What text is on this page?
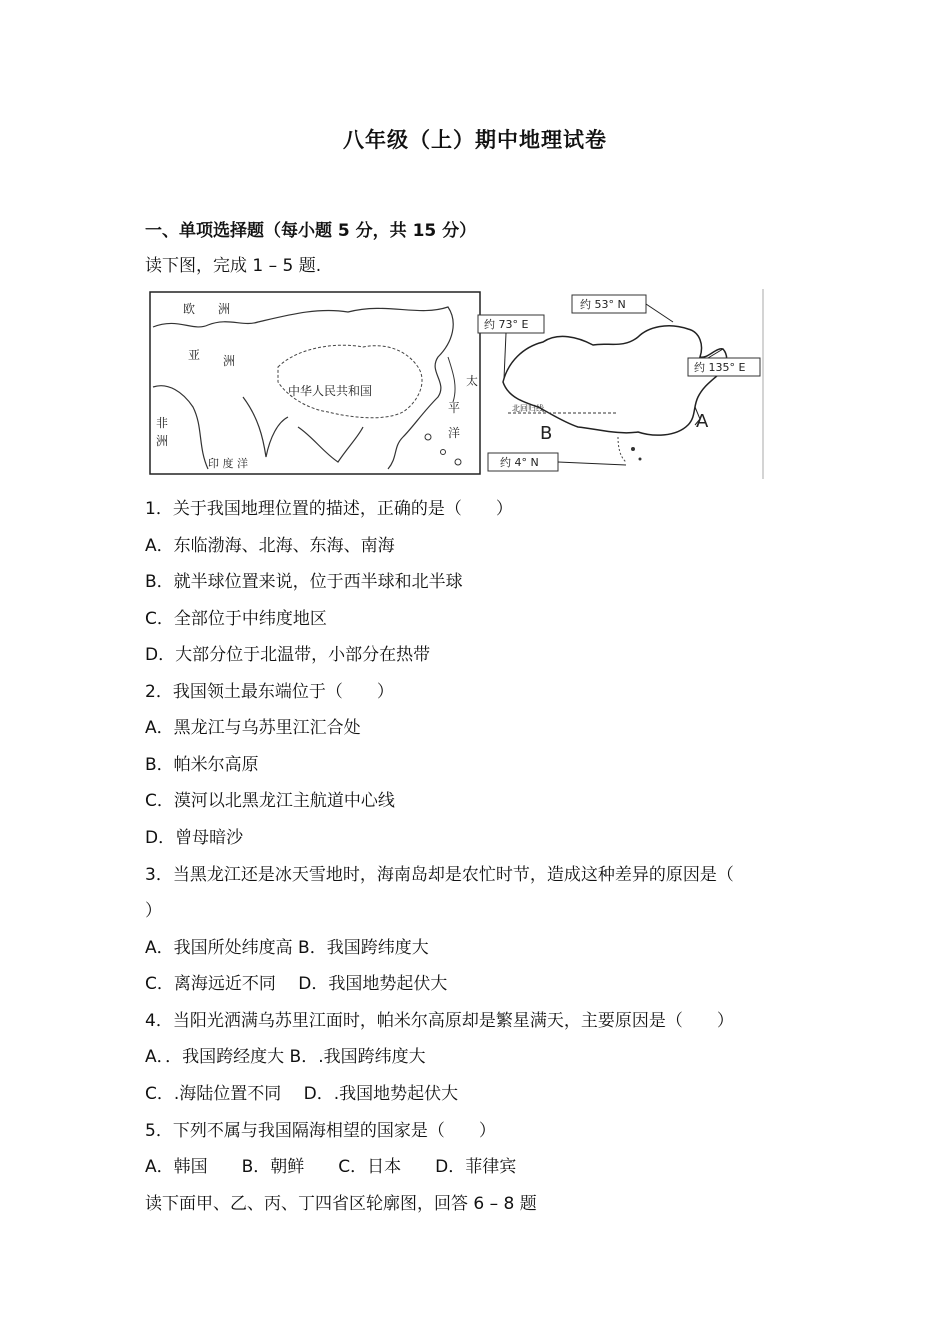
八年级（上）期中地理试卷
一、单项选择题（每小题 5 分，共 15 分）
读下图，完成 1 – 5 题.
欧 洲
亚 洲
中华人民共和国
非
洲
印 度 洋
太
平
洋
北回归线
约 53° N
约 73° E
约 135° E
约 4° N
B
A
1．关于我国地理位置的描述，正确的是（　　）
A．东临渤海、北海、东海、南海
B．就半球位置来说，位于西半球和北半球
C．全部位于中纬度地区
D．大部分位于北温带，小部分在热带
2．我国领土最东端位于（　　）
A．黑龙江与乌苏里江汇合处
B．帕米尔高原
C．漠河以北黑龙江主航道中心线
D．曾母暗沙
3．当黑龙江还是冰天雪地时，海南岛却是农忙时节，造成这种差异的原因是（
）
A．我国所处纬度高 B．我国跨纬度大
C．离海远近不同　 D．我国地势起伏大
4．当阳光洒满乌苏里江面时，帕米尔高原却是繁星满天，主要原因是（　　）
A．．我国跨经度大 B．.我国跨纬度大
C．.海陆位置不同　 D．.我国地势起伏大
5．下列不属与我国隔海相望的国家是（　　）
A．韩国　　B．朝鲜　　C．日本　　D．菲律宾
读下面甲、乙、丙、丁四省区轮廓图，回答 6 – 8 题
